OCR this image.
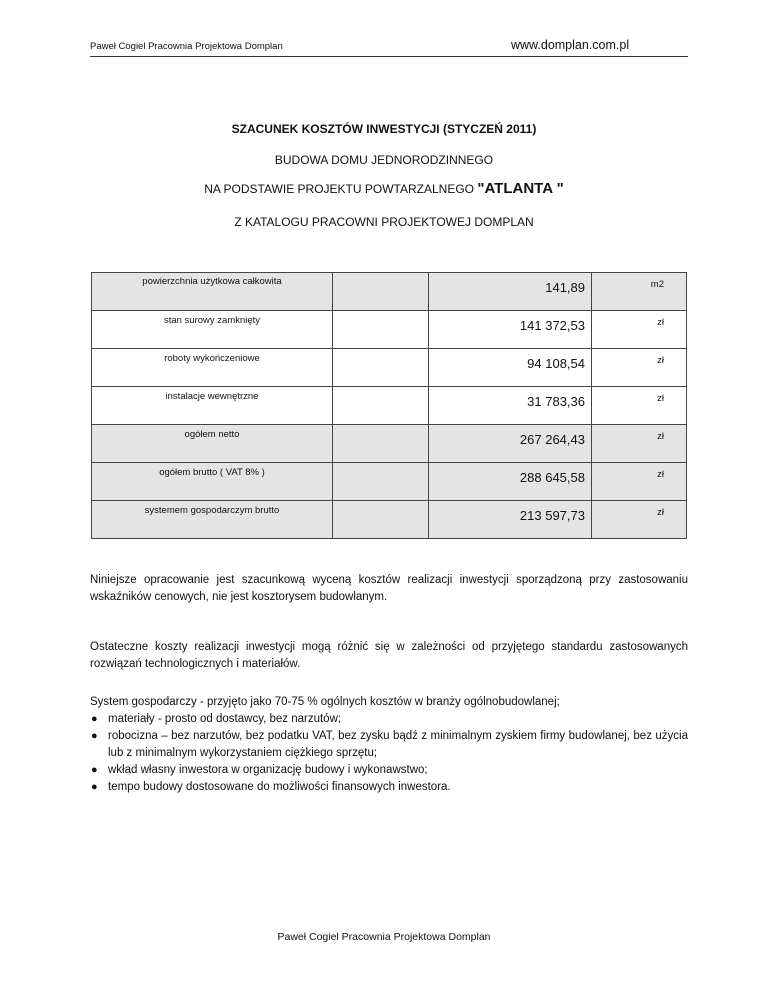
Paweł Cogiel Pracownia Projektowa Domplan	www.domplan.com.pl
SZACUNEK KOSZTÓW INWESTYCJI (STYCZEŃ 2011)
BUDOWA DOMU JEDNORODZINNEGO
NA PODSTAWIE PROJEKTU POWTARZALNEGO "ATLANTA "
Z KATALOGU PRACOWNI PROJEKTOWEJ DOMPLAN
powierzchnia użytkowa całkowita		141,89	m2
stan surowy zamknięty		141 372,53	zł
roboty wykończeniowe		94 108,54	zł
instalacje wewnętrzne		31 783,36	zł
ogółem netto		267 264,43	zł
ogółem brutto ( VAT 8% )		288 645,58	zł
systemem gospodarczym brutto		213 597,73	zł
Niniejsze opracowanie jest szacunkową wyceną kosztów realizacji inwestycji sporządzoną przy zastosowaniu wskaźników cenowych, nie jest kosztorysem budowlanym.
Ostateczne koszty realizacji inwestycji mogą różnić się w zależności od przyjętego standardu zastosowanych rozwiązań technologicznych i materiałów.
System gospodarczy - przyjęto jako 70-75 % ogólnych kosztów w branży ogólnobudowlanej;
● materiały - prosto od dostawcy, bez narzutów;
● robocizna – bez narzutów, bez podatku VAT, bez zysku bądź z minimalnym zyskiem firmy budowlanej, bez użycia lub z minimalnym wykorzystaniem ciężkiego sprzętu;
● wkład własny inwestora w organizację budowy i wykonawstwo;
● tempo budowy dostosowane do możliwości finansowych inwestora.
Paweł Cogiel Pracownia Projektowa Domplan
